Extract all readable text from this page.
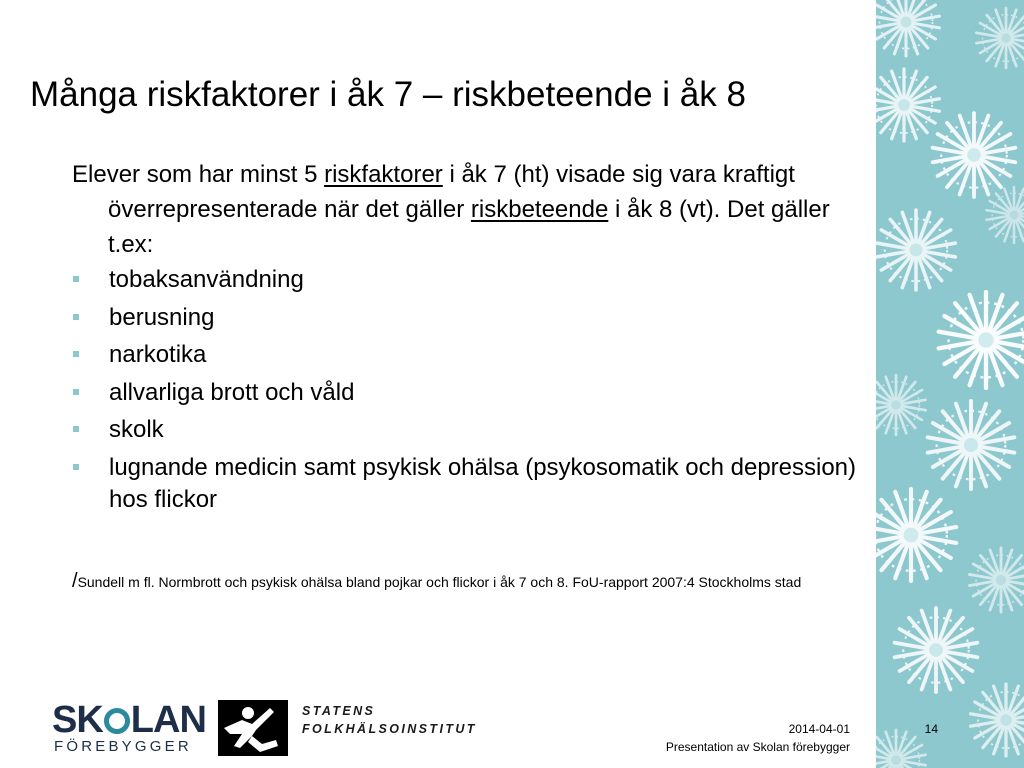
Många riskfaktorer i åk 7 – riskbeteende i åk 8

Elever som har minst 5 riskfaktorer i åk 7 (ht) visade sig vara kraftigt överrepresenterade när det gäller riskbeteende i åk 8 (vt). Det gäller t.ex:

tobaksanvändning
berusning
narkotika
allvarliga brott och våld
skolk
lugnande medicin samt psykisk ohälsa (psykosomatik och depression) hos flickor
/Sundell m fl. Normbrott och psykisk ohälsa bland pojkar och flickor i åk 7 och 8. FoU-rapport 2007:4 Stockholms stad
SK LAN
FÖREBYGGER
STATENS
FOLKHÄLSOINSTITUT	2014-04-01
Presentation av Skolan förebygger
14
